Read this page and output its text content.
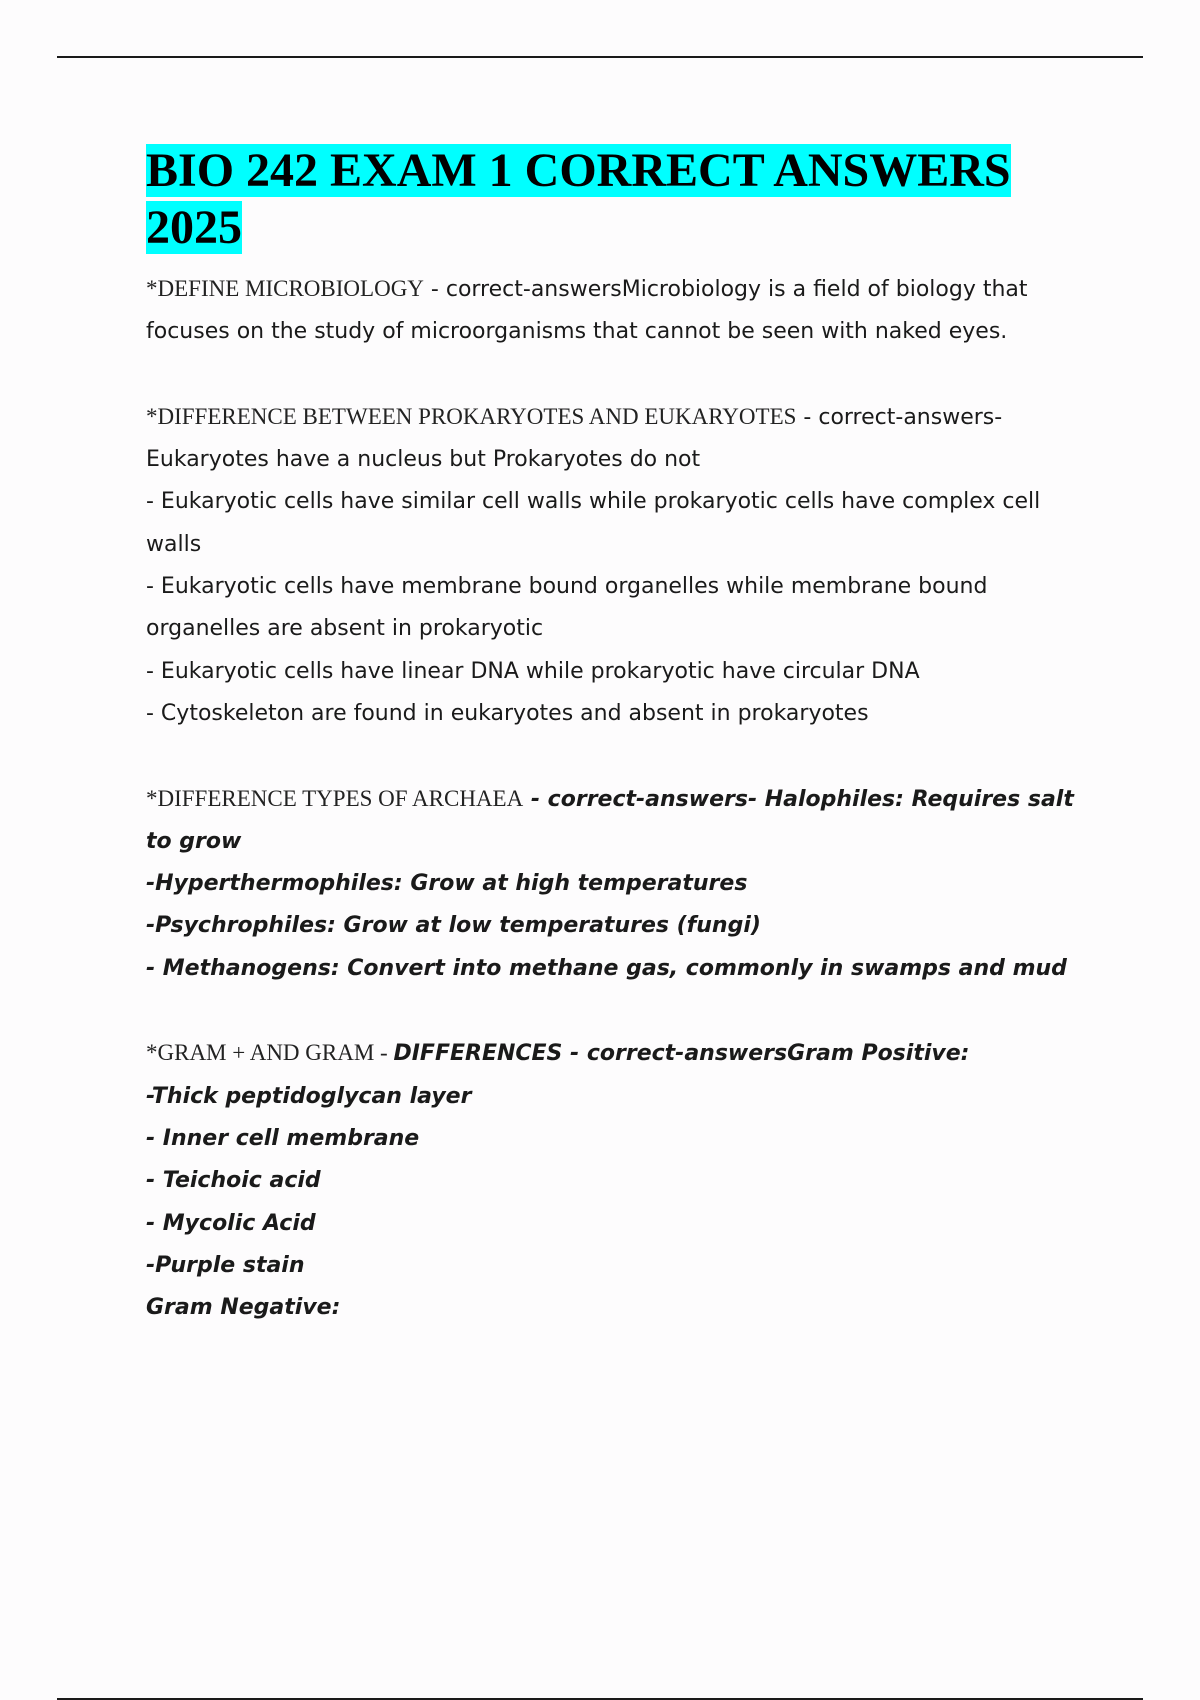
BIO 242 EXAM 1 CORRECT ANSWERS 2025

*DEFINE MICROBIOLOGY - correct-answersMicrobiology is a field of biology that focuses on the study of microorganisms that cannot be seen with naked eyes.

*DIFFERENCE BETWEEN PROKARYOTES AND EUKARYOTES - correct-answers-Eukaryotes have a nucleus but Prokaryotes do not
- Eukaryotic cells have similar cell walls while prokaryotic cells have complex cell walls
- Eukaryotic cells have membrane bound organelles while membrane bound organelles are absent in prokaryotic
- Eukaryotic cells have linear DNA while prokaryotic have circular DNA
- Cytoskeleton are found in eukaryotes and absent in prokaryotes

*DIFFERENCE TYPES OF ARCHAEA - correct-answers- Halophiles: Requires salt to grow
-Hyperthermophiles: Grow at high temperatures
-Psychrophiles: Grow at low temperatures (fungi)
- Methanogens: Convert into methane gas, commonly in swamps and mud

*GRAM + AND GRAM - DIFFERENCES - correct-answersGram Positive:
-Thick peptidoglycan layer
- Inner cell membrane
- Teichoic acid
- Mycolic Acid
-Purple stain
Gram Negative:
